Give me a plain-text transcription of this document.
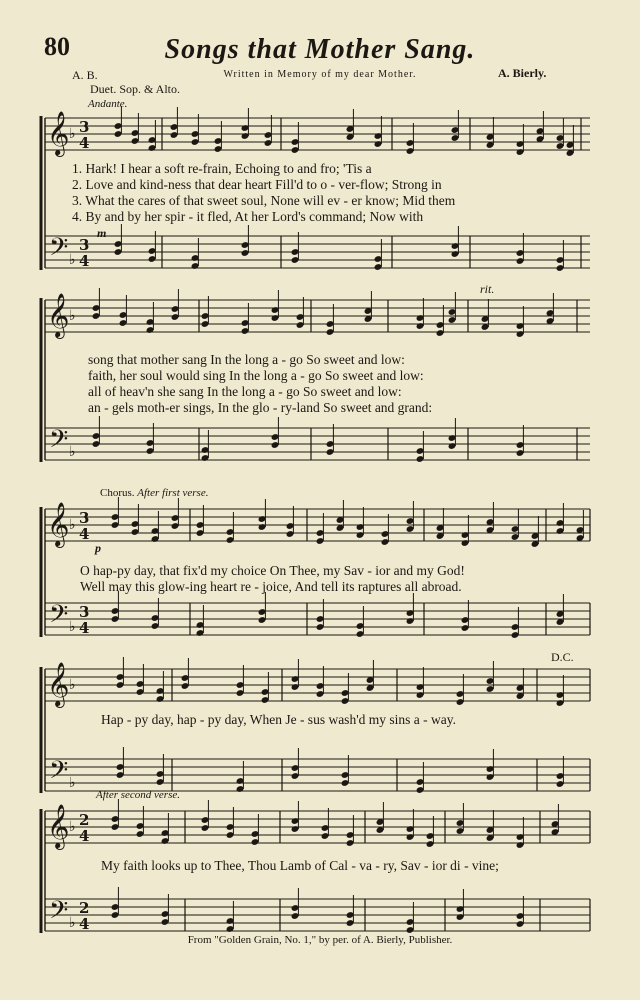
80	Songs that Mother Sang.
A. B.	Written in Memory of my dear Mother.	A. Bierly.
Duet. Sop. & Alto.
Andante.
𝄞
𝄢
♭
♭
3
4
3
4
𝄞
𝄢
♭
♭
𝄞
𝄢
♭
♭
3
4
3
4
𝄞
𝄢
♭
♭
𝄞
𝄢
♭
♭
2
4
2
4
m
p
rit.
D.C.
1. Hark! I hear a soft re-frain, Echoing to and fro; 'Tis a
2. Love and kind-ness that dear heart Fill'd to o - ver-flow; Strong in
3. What the cares of that sweet soul, None will ev - er know; Mid them
4. By and by her spir - it fled, At her Lord's command; Now with
song that mother sang In the long a - go So sweet and low:
faith, her soul would sing In the long a - go So sweet and low:
all of heav'n she sang In the long a - go So sweet and low:
an - gels moth-er sings, In the glo - ry-land So sweet and grand:
Chorus. After first verse.
O hap-py day, that fix'd my choice On Thee, my Sav - ior and my God!
Well may this glow-ing heart re - joice, And tell its raptures all abroad.
Hap - py day, hap - py day, When Je - sus wash'd my sins a - way.
After second verse.
My faith looks up to Thee, Thou Lamb of Cal - va - ry, Sav - ior di - vine;
From "Golden Grain, No. 1," by per. of A. Bierly, Publisher.
